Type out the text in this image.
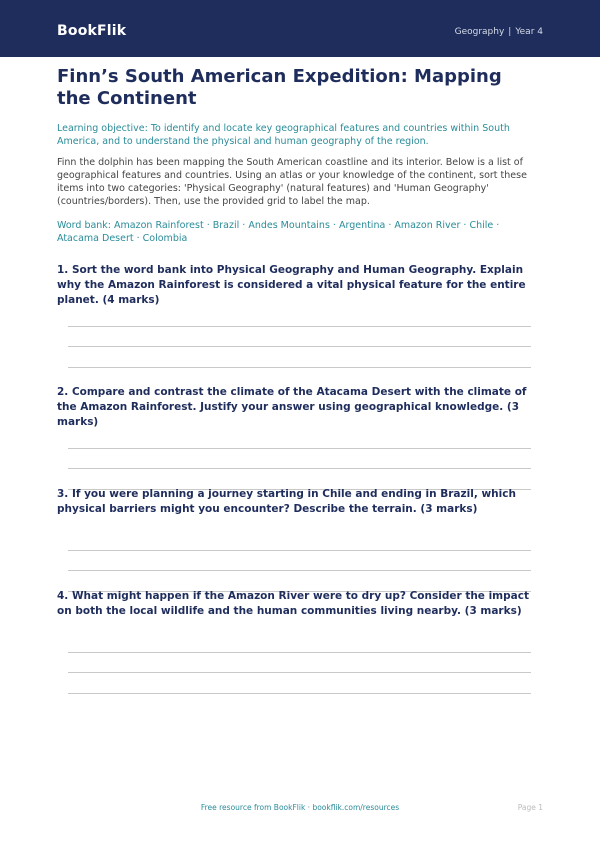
BookFlik	Geography | Year 4
Finn’s South American Expedition: Mapping the Continent

Learning objective: To identify and locate key geographical features and countries within South America, and to understand the physical and human geography of the region.

Finn the dolphin has been mapping the South American coastline and its interior. Below is a list of geographical features and countries. Using an atlas or your knowledge of the continent, sort these items into two categories: 'Physical Geography' (natural features) and 'Human Geography' (countries/borders). Then, use the provided grid to label the map.

Word bank: Amazon Rainforest · Brazil · Andes Mountains · Argentina · Amazon River · Chile · Atacama Desert · Colombia

1. Sort the word bank into Physical Geography and Human Geography. Explain why the Amazon Rainforest is considered a vital physical feature for the entire planet. (4 marks)

2. Compare and contrast the climate of the Atacama Desert with the climate of the Amazon Rainforest. Justify your answer using geographical knowledge. (3 marks)

3. If you were planning a journey starting in Chile and ending in Brazil, which physical barriers might you encounter? Describe the terrain. (3 marks)

4. What might happen if the Amazon River were to dry up? Consider the impact on both the local wildlife and the human communities living nearby. (3 marks)

Free resource from BookFlik · bookflik.com/resources	Page 1
